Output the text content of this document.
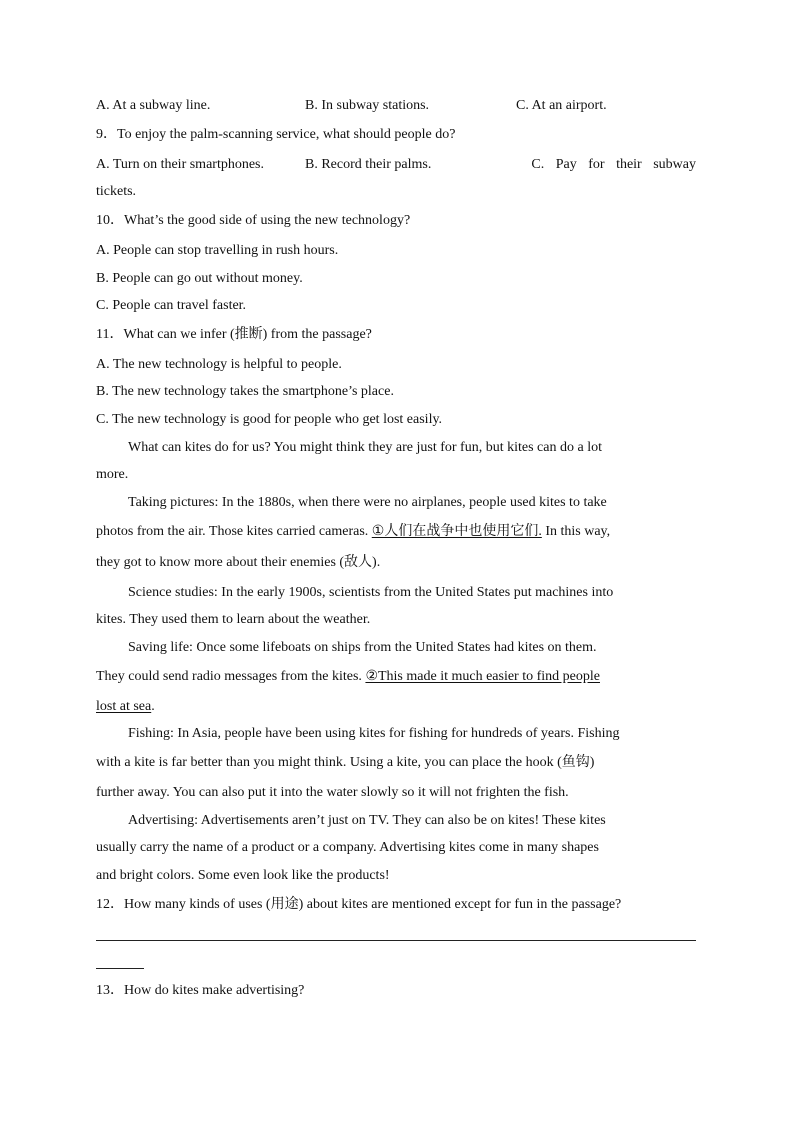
A. At a subway line.	B. In subway stations.	C. At an airport.
9．To enjoy the palm-scanning service, what should people do?
A. Turn on their smartphones.	B. Record their palms.	C. Pay for their subway
tickets.
10．What’s the good side of using the new technology?
A. People can stop travelling in rush hours.
B. People can go out without money.
C. People can travel faster.
11．What can we infer (推断) from the passage?
A. The new technology is helpful to people.
B. The new technology takes the smartphone’s place.
C. The new technology is good for people who get lost easily.
What can kites do for us? You might think they are just for fun, but kites can do a lot
more.
Taking pictures: In the 1880s, when there were no airplanes, people used kites to take
photos from the air. Those kites carried cameras. ①人们在战争中也使用它们. In this way,
they got to know more about their enemies (敌人).
Science studies: In the early 1900s, scientists from the United States put machines into
kites. They used them to learn about the weather.
Saving life: Once some lifeboats on ships from the United States had kites on them.
They could send radio messages from the kites. ②This made it much easier to find people
lost at sea.
Fishing: In Asia, people have been using kites for fishing for hundreds of years. Fishing
with a kite is far better than you might think. Using a kite, you can place the hook (鱼钩)
further away. You can also put it into the water slowly so it will not frighten the fish.
Advertising: Advertisements aren’t just on TV. They can also be on kites! These kites
usually carry the name of a product or a company. Advertising kites come in many shapes
and bright colors. Some even look like the products!
12．How many kinds of uses (用途) about kites are mentioned except for fun in the passage?
13．How do kites make advertising?
